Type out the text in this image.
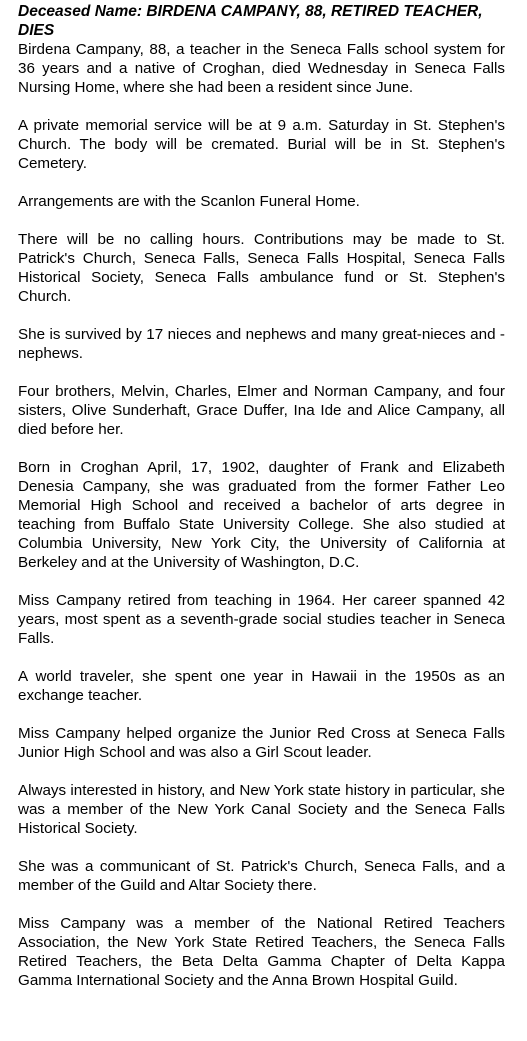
Deceased Name: BIRDENA CAMPANY, 88, RETIRED TEACHER, DIES

Birdena Campany, 88, a teacher in the Seneca Falls school system for 36 years and a native of Croghan, died Wednesday in Seneca Falls Nursing Home, where she had been a resident since June.

A private memorial service will be at 9 a.m. Saturday in St. Stephen's Church. The body will be cremated. Burial will be in St. Stephen's Cemetery.

Arrangements are with the Scanlon Funeral Home.

There will be no calling hours. Contributions may be made to St. Patrick's Church, Seneca Falls, Seneca Falls Hospital, Seneca Falls Historical Society, Seneca Falls ambulance fund or St. Stephen's Church.

She is survived by 17 nieces and nephews and many great-nieces and -nephews.

Four brothers, Melvin, Charles, Elmer and Norman Campany, and four sisters, Olive Sunderhaft, Grace Duffer, Ina Ide and Alice Campany, all died before her.

Born in Croghan April, 17, 1902, daughter of Frank and Elizabeth Denesia Campany, she was graduated from the former Father Leo Memorial High School and received a bachelor of arts degree in teaching from Buffalo State University College. She also studied at Columbia University, New York City, the University of California at Berkeley and at the University of Washington, D.C.

Miss Campany retired from teaching in 1964. Her career spanned 42 years, most spent as a seventh-grade social studies teacher in Seneca Falls.

A world traveler, she spent one year in Hawaii in the 1950s as an exchange teacher.

Miss Campany helped organize the Junior Red Cross at Seneca Falls Junior High School and was also a Girl Scout leader.

Always interested in history, and New York state history in particular, she was a member of the New York Canal Society and the Seneca Falls Historical Society.

She was a communicant of St. Patrick's Church, Seneca Falls, and a member of the Guild and Altar Society there.

Miss Campany was a member of the National Retired Teachers Association, the New York State Retired Teachers, the Seneca Falls Retired Teachers, the Beta Delta Gamma Chapter of Delta Kappa Gamma International Society and the Anna Brown Hospital Guild.
